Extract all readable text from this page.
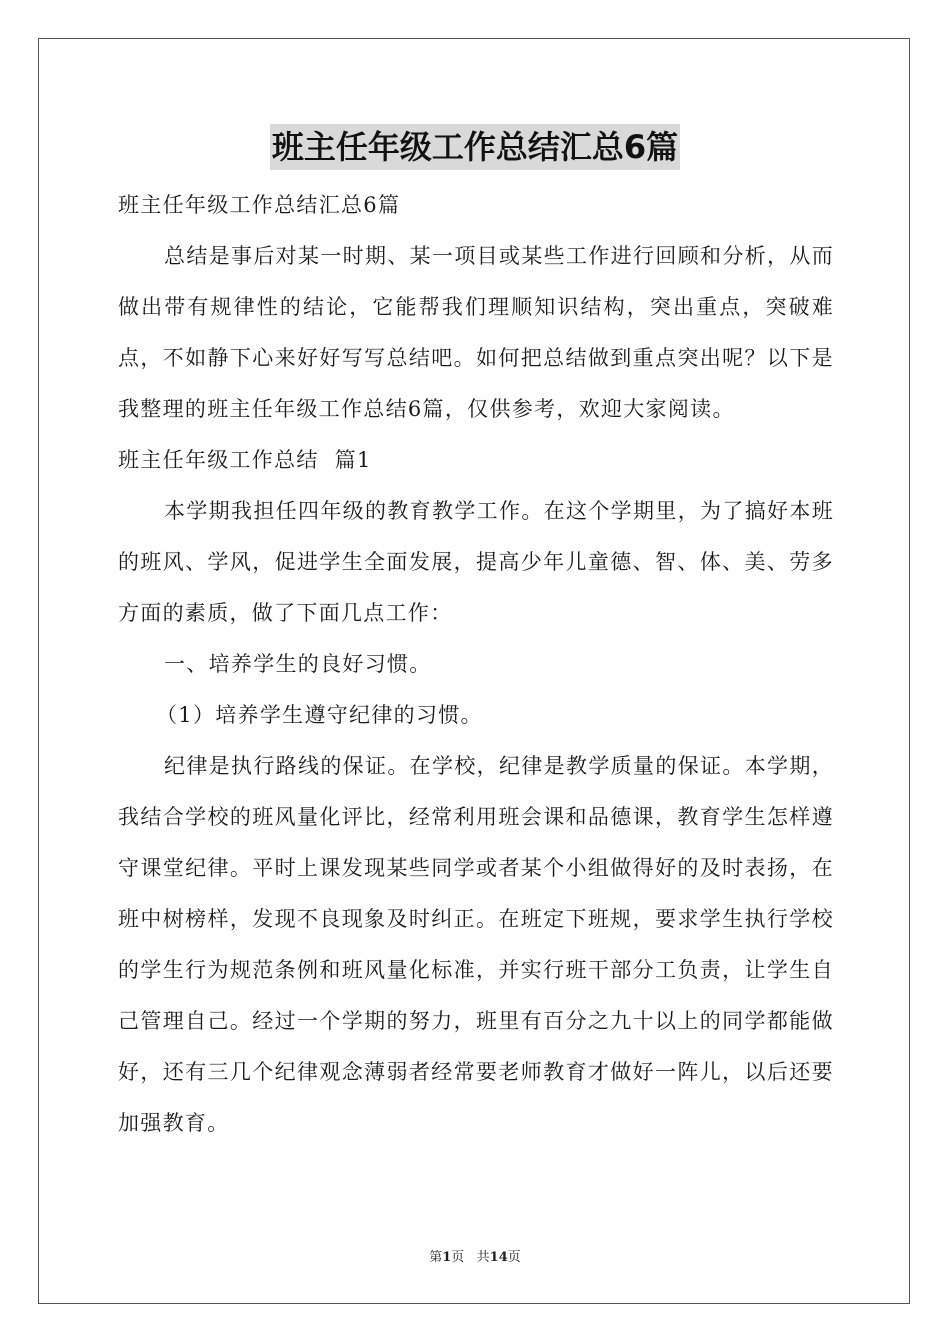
班主任年级工作总结汇总6篇

班主任年级工作总结汇总6篇

总结是事后对某一时期、某一项目或某些工作进行回顾和分析，从而做出带有规律性的结论，它能帮我们理顺知识结构，突出重点，突破难点，不如静下心来好好写写总结吧。如何把总结做到重点突出呢？以下是我整理的班主任年级工作总结6篇，仅供参考，欢迎大家阅读。

班主任年级工作总结  篇1

本学期我担任四年级的教育教学工作。在这个学期里，为了搞好本班的班风、学风，促进学生全面发展，提高少年儿童德、智、体、美、劳多方面的素质，做了下面几点工作：

一、培养学生的良好习惯。

（1）培养学生遵守纪律的习惯。

纪律是执行路线的保证。在学校，纪律是教学质量的保证。本学期，我结合学校的班风量化评比，经常利用班会课和品德课，教育学生怎样遵守课堂纪律。平时上课发现某些同学或者某个小组做得好的及时表扬，在班中树榜样，发现不良现象及时纠正。在班定下班规，要求学生执行学校的学生行为规范条例和班风量化标准，并实行班干部分工负责，让学生自己管理自己。经过一个学期的努力，班里有百分之九十以上的同学都能做好，还有三几个纪律观念薄弱者经常要老师教育才做好一阵儿，以后还要加强教育。

第1页   共14页
